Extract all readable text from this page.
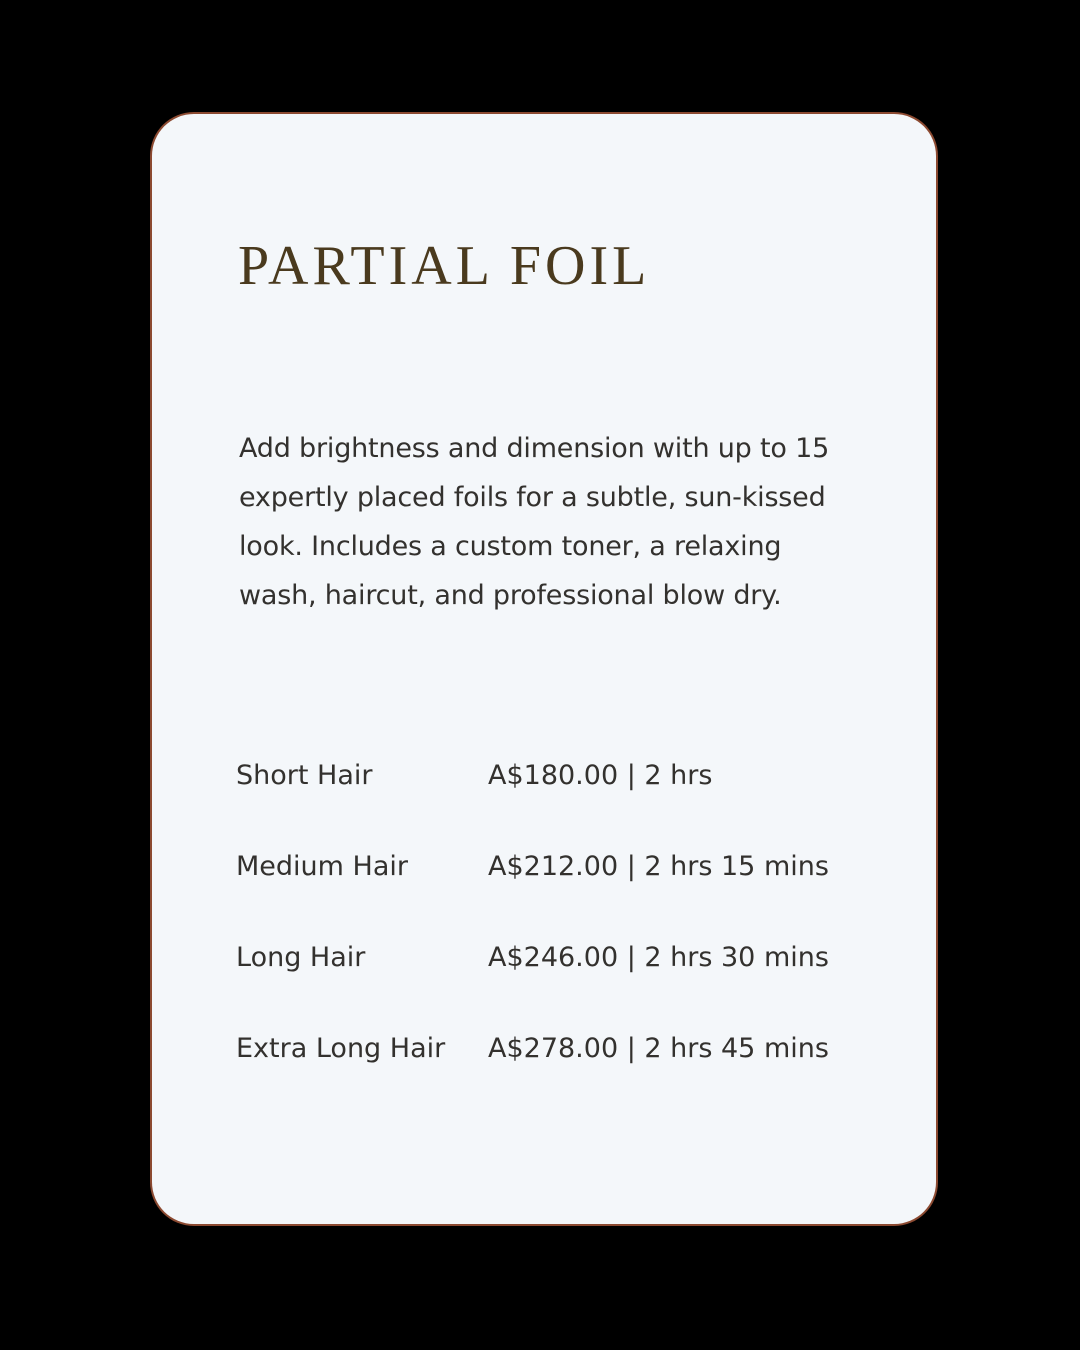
PARTIAL FOIL
Add brightness and dimension with up to 15 expertly placed foils for a subtle, sun-kissed look. Includes a custom toner, a relaxing wash, haircut, and professional blow dry.
Short Hair	A$180.00 | 2 hrs
Medium Hair	A$212.00 | 2 hrs 15 mins
Long Hair	A$246.00 | 2 hrs 30 mins
Extra Long Hair	A$278.00 | 2 hrs 45 mins
